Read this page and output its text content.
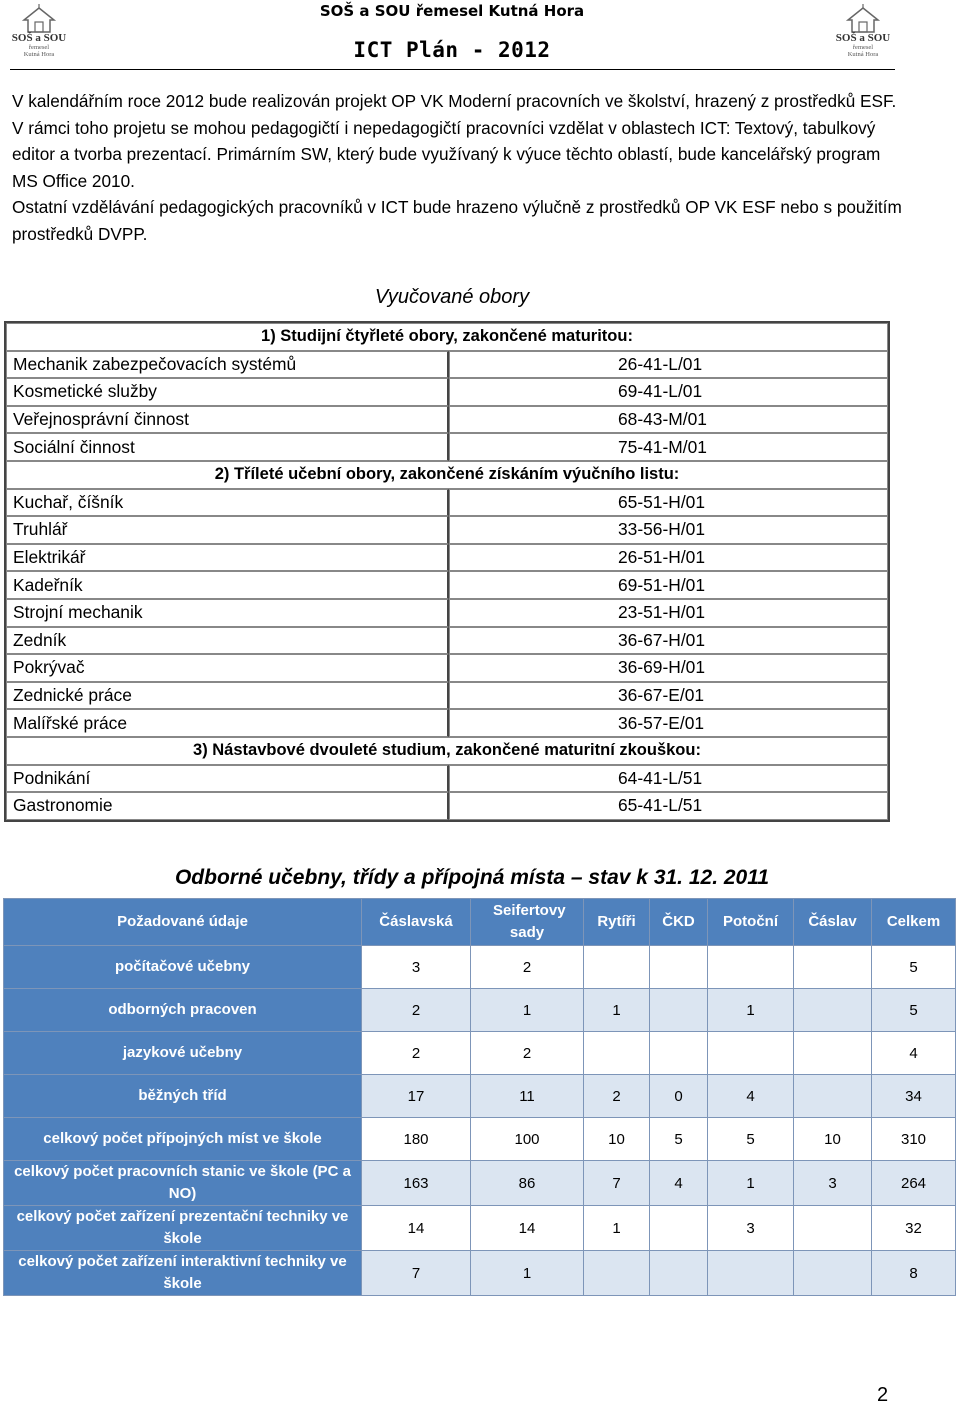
SOŠ a SOU
řemesel
Kutná Hora
SOŠ a SOU
řemesel
Kutná Hora
SOŠ a SOU řemesel Kutná Hora
ICT Plán - 2012

V kalendářním roce 2012 bude realizován projekt OP VK Moderní pracovních ve školství, hrazený z prostředků ESF. V rámci toho projetu se mohou pedagogičtí i nepedagogičtí pracovníci vzdělat v oblastech ICT: Textový, tabulkový editor a tvorba prezentací. Primárním SW, který bude využívaný k výuce těchto oblastí, bude kancelářský program MS Office 2010.

Ostatní vzdělávání pedagogických pracovníků v ICT bude hrazeno výlučně z prostředků OP VK ESF nebo s použitím prostředků DVPP.

Vyučované obory
1) Studijní čtyřleté obory, zakončené maturitou:	
Mechanik zabezpečovacích systémů	26-41-L/01
Kosmetické služby	69-41-L/01
Veřejnosprávní činnost	68-43-M/01
Sociální činnost	75-41-M/01
2) Tříleté učební obory, zakončené získáním výučního listu:	
Kuchař, číšník	65-51-H/01
Truhlář	33-56-H/01
Elektrikář	26-51-H/01
Kadeřník	69-51-H/01
Strojní mechanik	23-51-H/01
Zedník	36-67-H/01
Pokrývač	36-69-H/01
Zednické práce	36-67-E/01
Malířské práce	36-57-E/01
3) Nástavbové dvouleté studium, zakončené maturitní zkouškou:	
Podnikání	64-41-L/51
Gastronomie	65-41-L/51
Odborné učebny, třídy a přípojná místa – stav k 31. 12. 2011
Požadované údaje	Čáslavská	Seifertovy sady	Rytíři	ČKD	Potoční	Čáslav	Celkem
počítačové učebny	3	2					5
odborných pracoven	2	1	1		1		5
jazykové učebny	2	2					4
běžných tříd	17	11	2	0	4		34
celkový počet přípojných míst ve škole	180	100	10	5	5	10	310
celkový počet pracovních stanic ve škole (PC a NO)	163	86	7	4	1	3	264
celkový počet zařízení prezentační techniky ve škole	14	14	1		3		32
celkový počet zařízení interaktivní techniky ve škole	7	1					8
2
